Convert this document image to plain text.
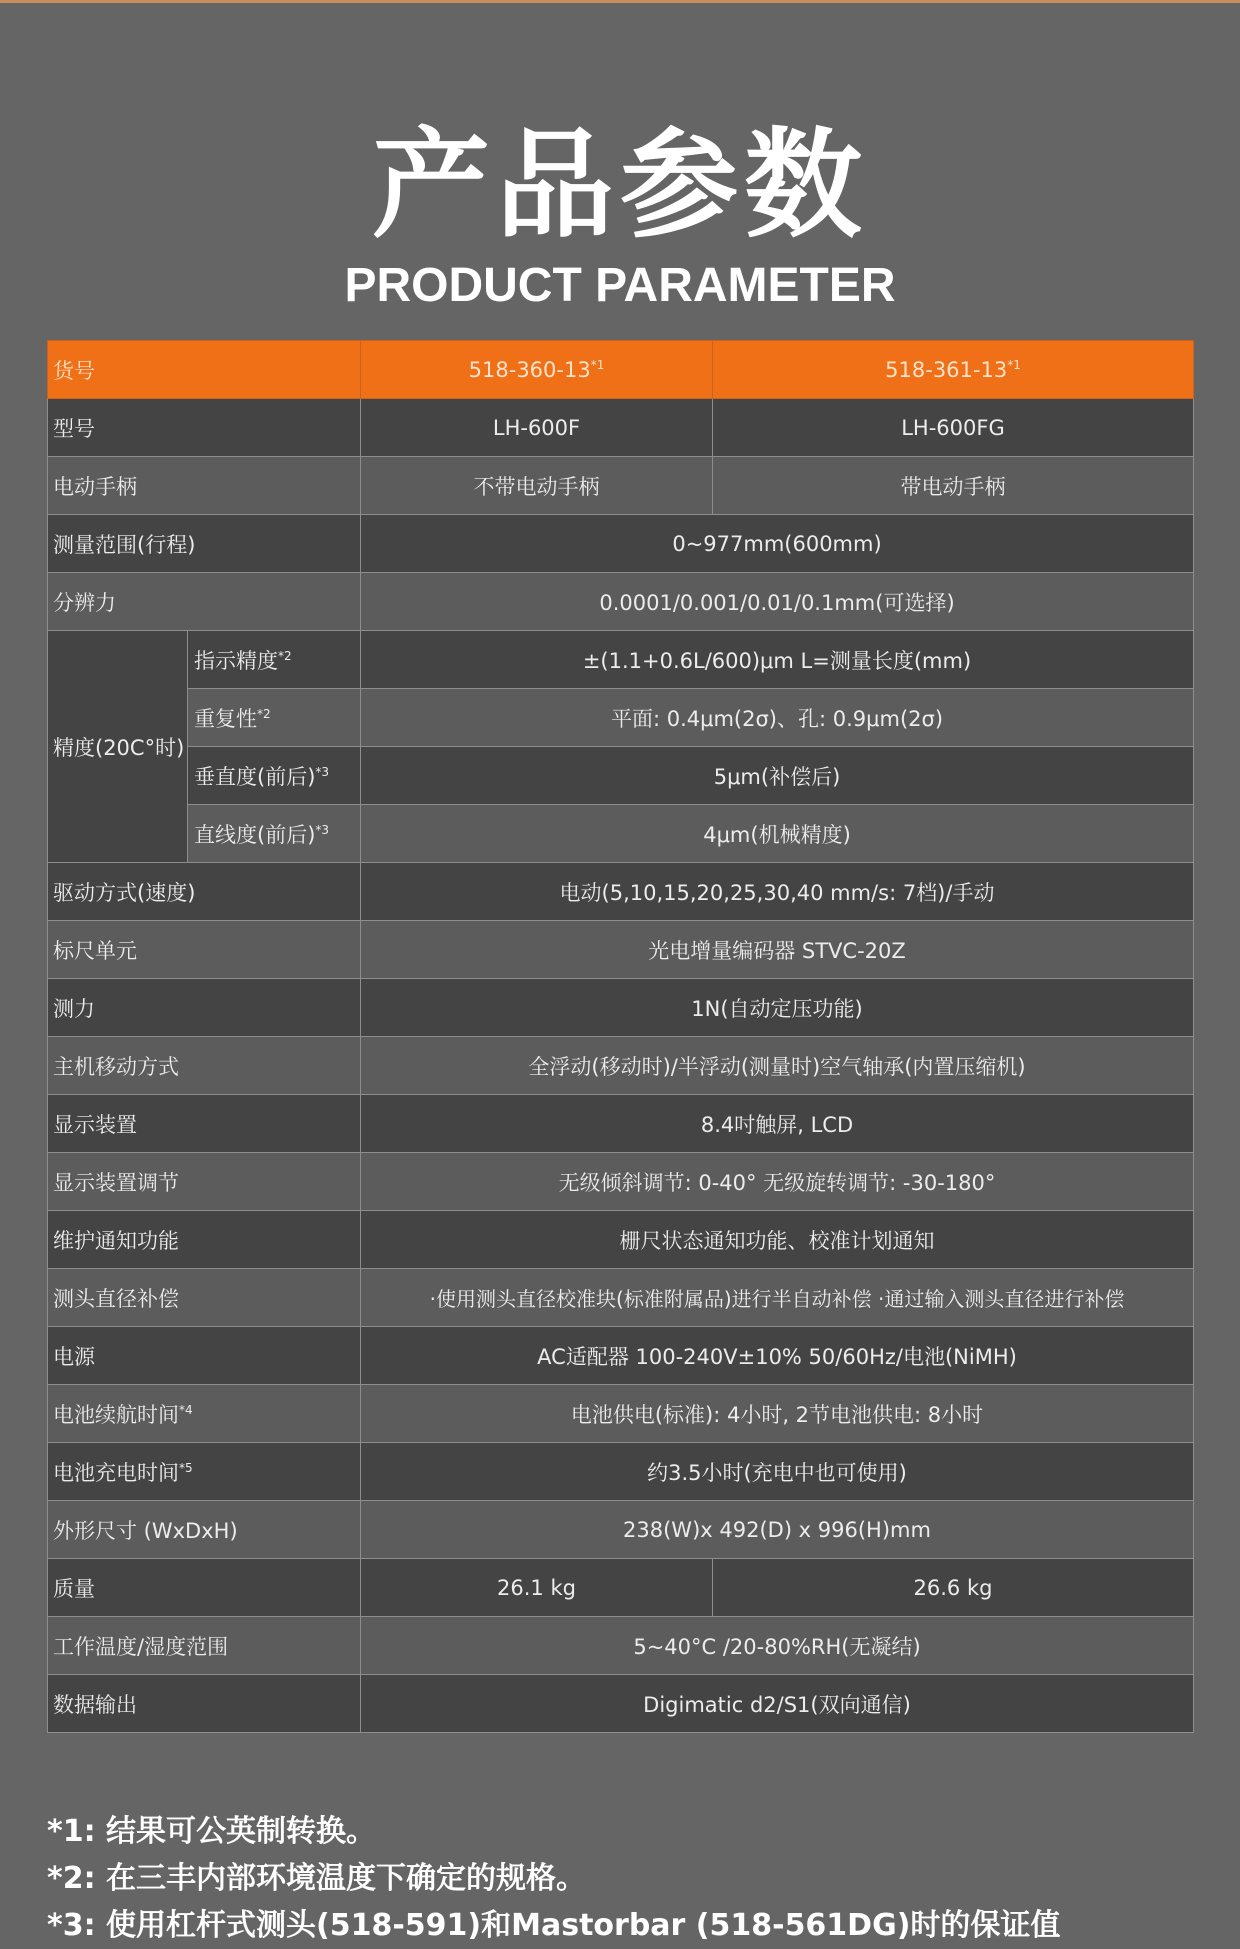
产品参数
PRODUCT PARAMETER
货号		518-360-13$^{*1}$	518-361-13$^{*1}$
型号		LH-600F	LH-600FG
电动手柄		不带电动手柄	带电动手柄
测量范围(行程)		0~977mm(600mm)	
分辨力		0.0001/0.001/0.01/0.1mm(可选择)	
精度(20C°时)	指示精度$^{*2}$	±(1.1+0.6L/600)μm L=测量长度(mm)	
	重复性$^{*2}$	平面: 0.4μm(2σ)、孔: 0.9μm(2σ)	
	垂直度(前后)$^{*3}$	5μm(补偿后)	
	直线度(前后)$^{*3}$	4μm(机械精度)	
驱动方式(速度)		电动(5,10,15,20,25,30,40 mm/s: 7档)/手动	
标尺单元		光电增量编码器 STVC-20Z	
测力		1N(自动定压功能)	
主机移动方式		全浮动(移动时)/半浮动(测量时)空气轴承(内置压缩机)	
显示装置		8.4吋触屏, LCD	
显示装置调节		无级倾斜调节: 0-40° 无级旋转调节: -30-180°	
维护通知功能		栅尺状态通知功能、校准计划通知	
测头直径补偿		·使用测头直径校准块(标准附属品)进行半自动补偿 ·通过输入测头直径进行补偿	
电源		AC适配器 100-240V±10% 50/60Hz/电池(NiMH)	
电池续航时间$^{*4}$		电池供电(标准): 4小时, 2节电池供电: 8小时	
电池充电时间$^{*5}$		约3.5小时(充电中也可使用)	
外形尺寸 (WxDxH)		238(W)x 492(D) x 996(H)mm	
质量		26.1 kg	26.6 kg
工作温度/湿度范围		5~40°C /20-80%RH(无凝结)	
数据输出		Digimatic d2/S1(双向通信)	
*1: 结果可公英制转换。
*2: 在三丰内部环境温度下确定的规格。
*3: 使用杠杆式测头(518-591)和Mastorbar (518-561DG)时的保证值
